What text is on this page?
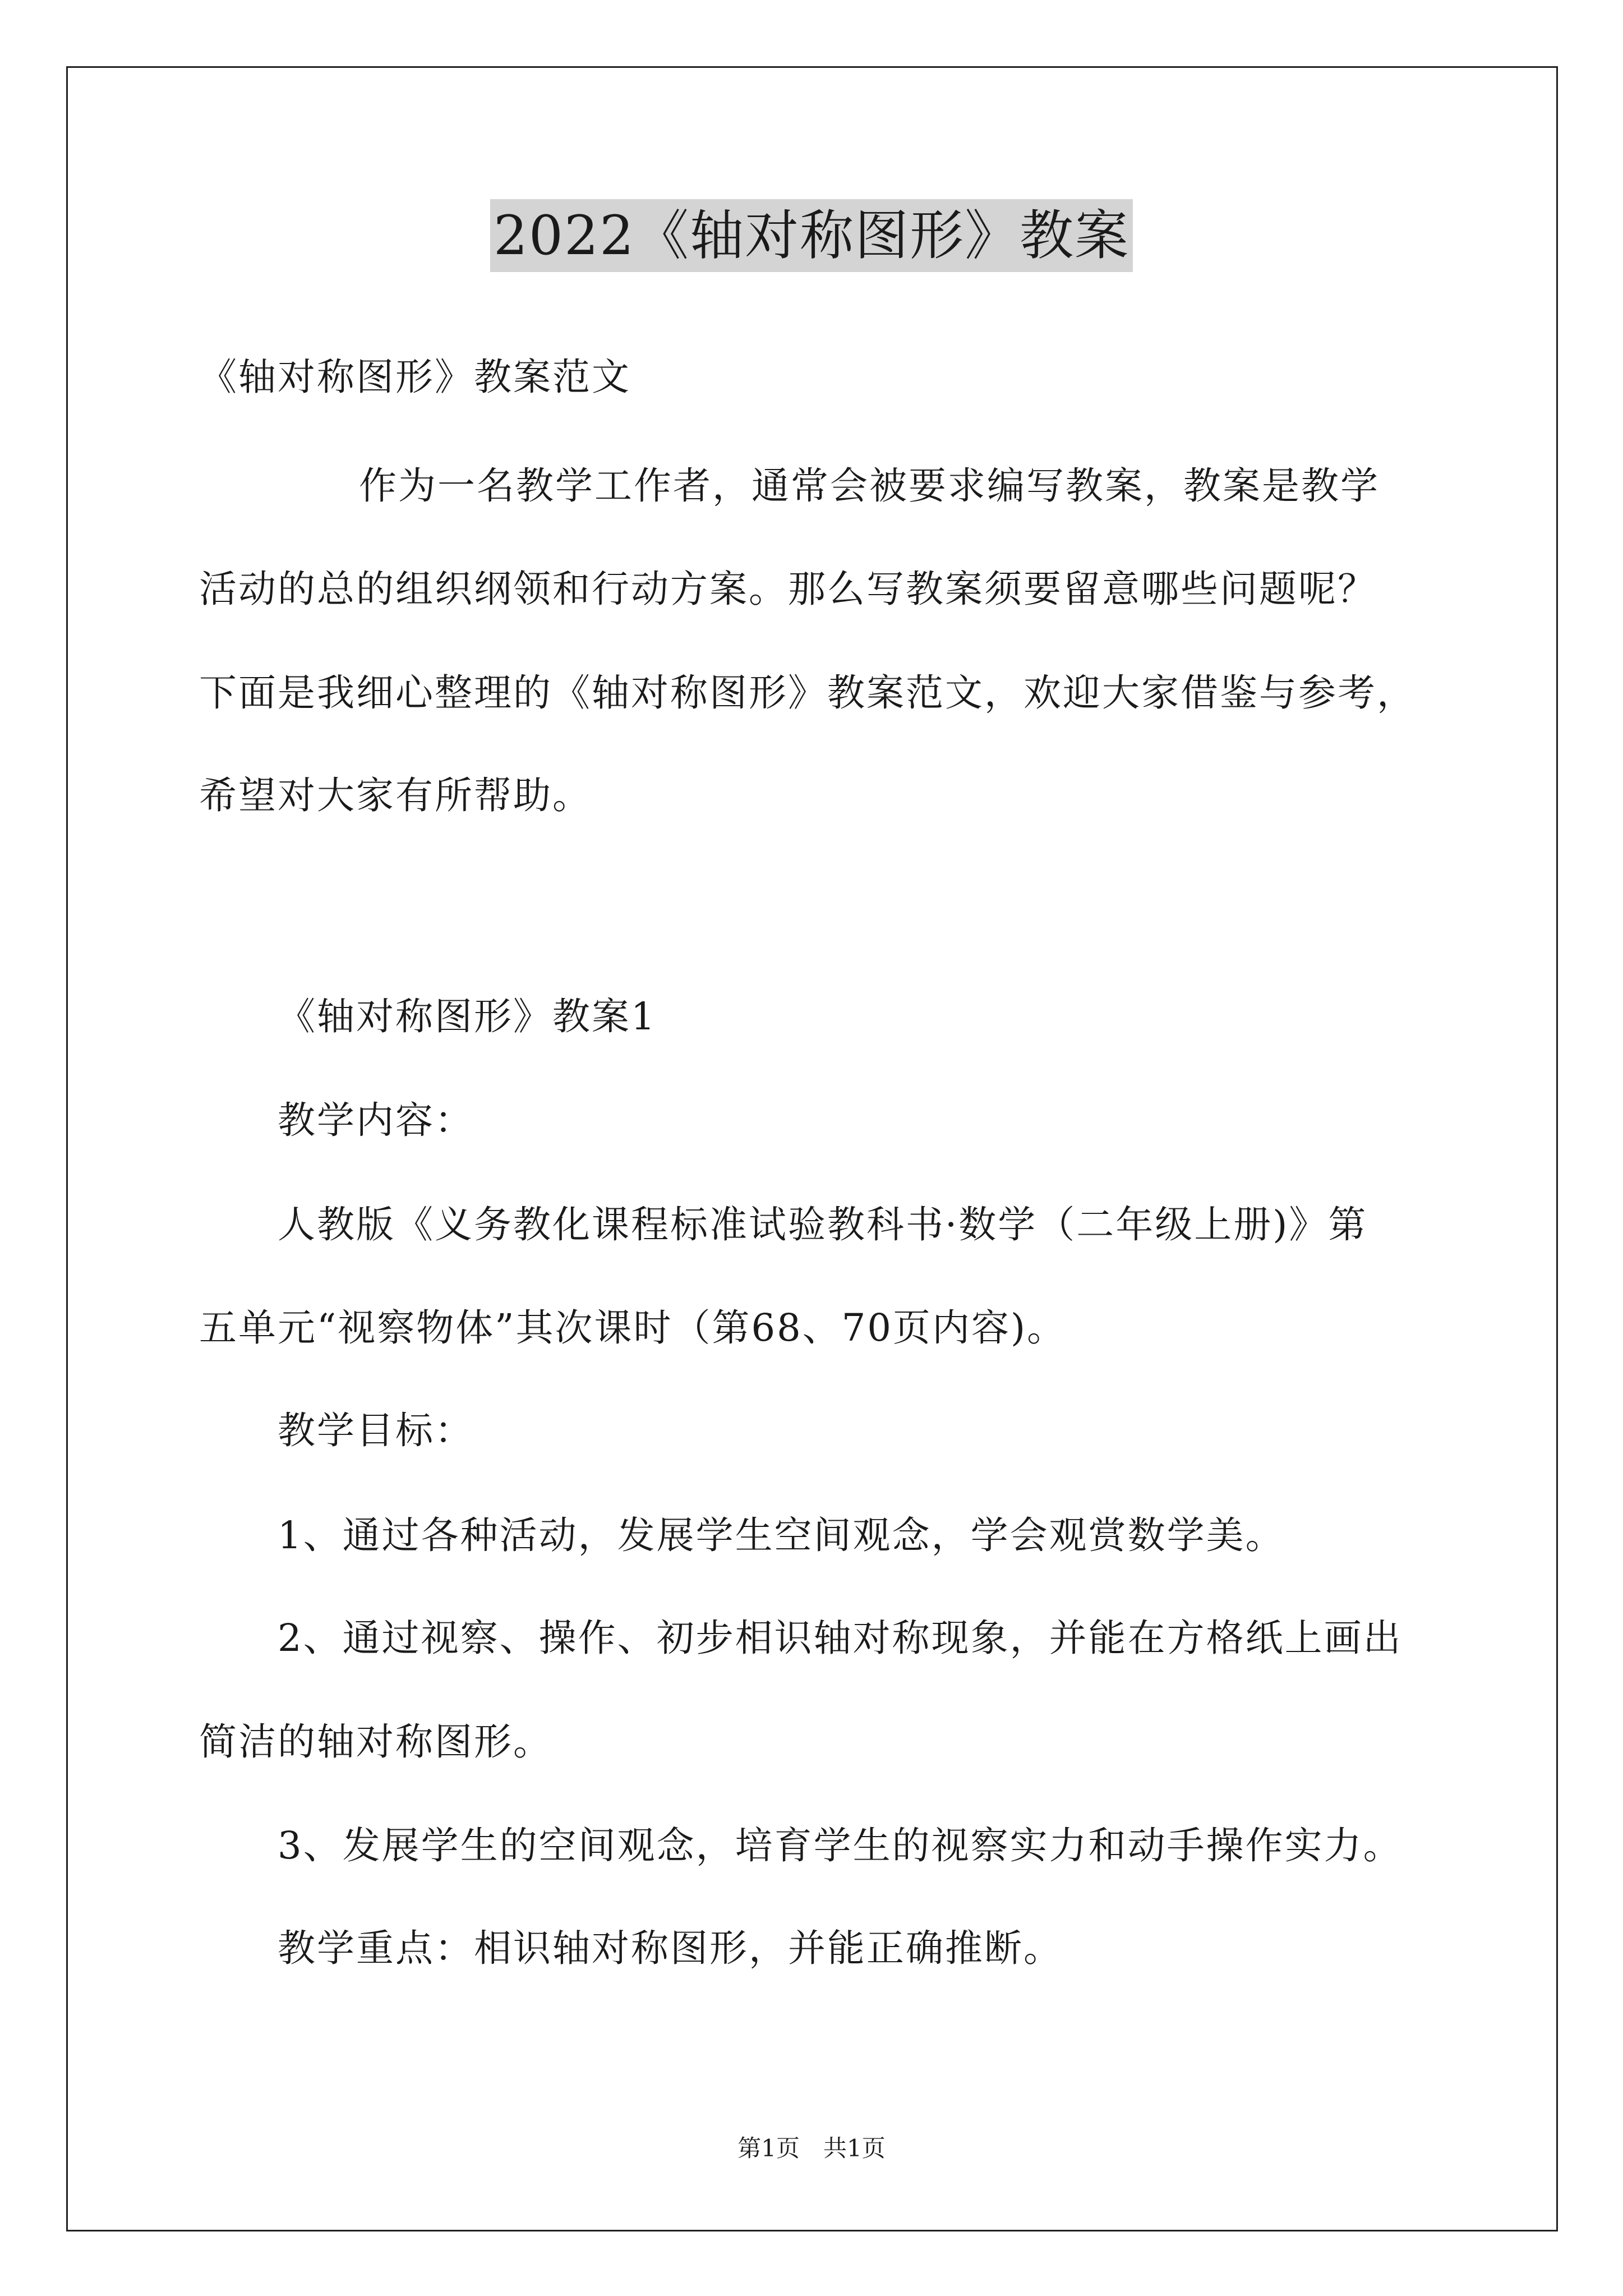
2022《轴对称图形》教案
《轴对称图形》教案范文
作为一名教学工作者，通常会被要求编写教案，教案是教学
活动的总的组织纲领和行动方案。那么写教案须要留意哪些问题呢？
下面是我细心整理的《轴对称图形》教案范文，欢迎大家借鉴与参考，
希望对大家有所帮助。
《轴对称图形》教案1
教学内容：
人教版《义务教化课程标准试验教科书·数学（二年级上册)》第
五单元“视察物体”其次课时（第68、70页内容)。
教学目标：
1、通过各种活动，发展学生空间观念，学会观赏数学美。
2、通过视察、操作、初步相识轴对称现象，并能在方格纸上画出
简洁的轴对称图形。
3、发展学生的空间观念，培育学生的视察实力和动手操作实力。
教学重点：相识轴对称图形，并能正确推断。
第1页　共1页
